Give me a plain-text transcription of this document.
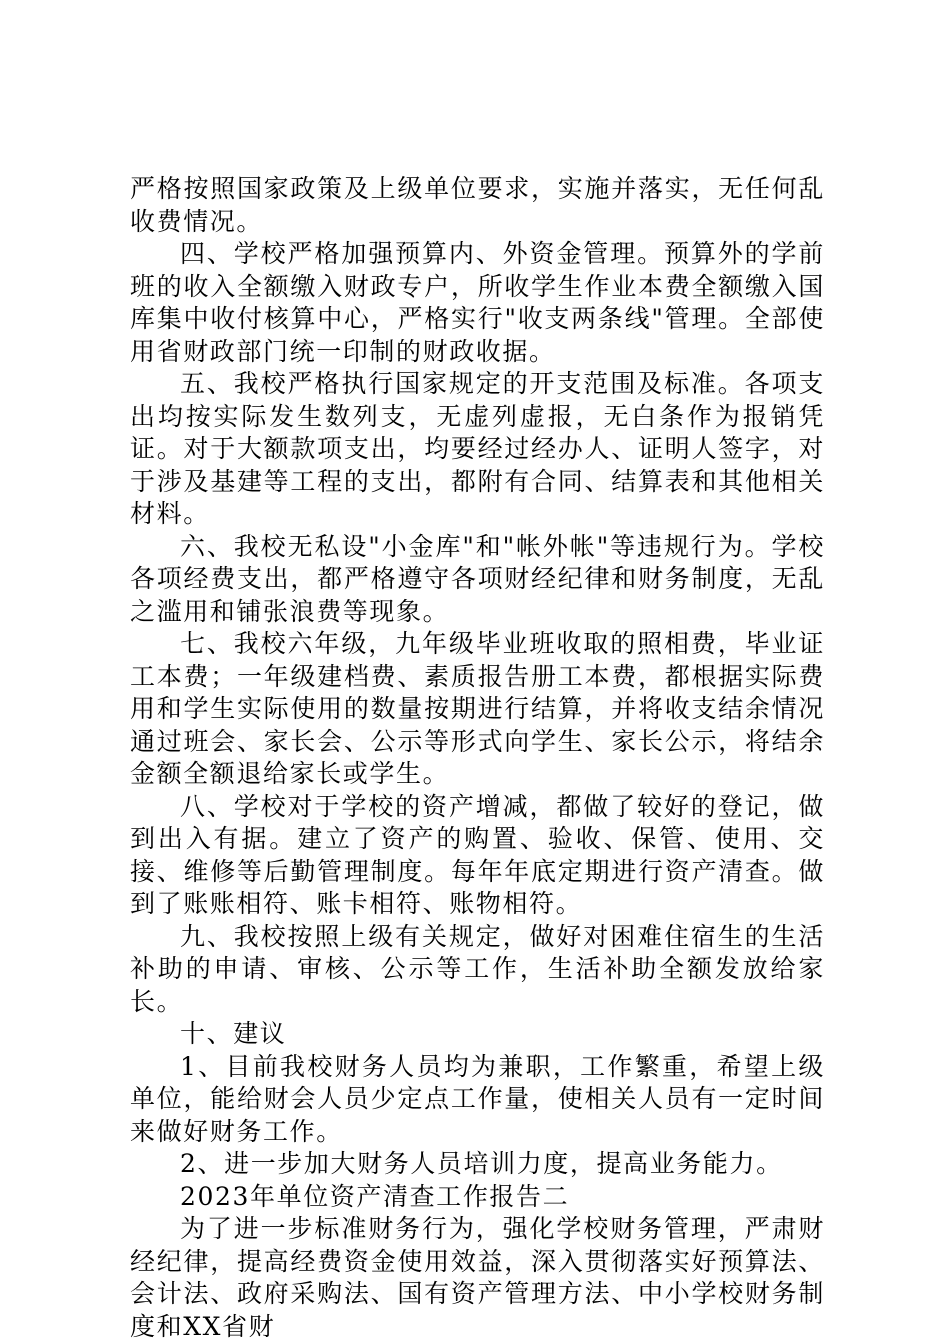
严格按照国家政策及上级单位要求，实施并落实，无任何乱收费情况。

四、学校严格加强预算内、外资金管理。预算外的学前班的收入全额缴入财政专户，所收学生作业本费全额缴入国库集中收付核算中心，严格实行"收支两条线"管理。全部使用省财政部门统一印制的财政收据。

五、我校严格执行国家规定的开支范围及标准。各项支出均按实际发生数列支，无虚列虚报，无白条作为报销凭证。对于大额款项支出，均要经过经办人、证明人签字，对于涉及基建等工程的支出，都附有合同、结算表和其他相关材料。

六、我校无私设"小金库"和"帐外帐"等违规行为。学校各项经费支出，都严格遵守各项财经纪律和财务制度，无乱之滥用和铺张浪费等现象。

七、我校六年级，九年级毕业班收取的照相费，毕业证工本费；一年级建档费、素质报告册工本费，都根据实际费用和学生实际使用的数量按期进行结算，并将收支结余情况通过班会、家长会、公示等形式向学生、家长公示，将结余金额全额退给家长或学生。

八、学校对于学校的资产增减，都做了较好的登记，做到出入有据。建立了资产的购置、验收、保管、使用、交接、维修等后勤管理制度。每年年底定期进行资产清查。做到了账账相符、账卡相符、账物相符。

九、我校按照上级有关规定，做好对困难住宿生的生活补助的申请、审核、公示等工作，生活补助全额发放给家长。

十、建议

1、目前我校财务人员均为兼职，工作繁重，希望上级单位，能给财会人员少定点工作量，使相关人员有一定时间来做好财务工作。

2、进一步加大财务人员培训力度，提高业务能力。

2023年单位资产清查工作报告二

为了进一步标准财务行为，强化学校财务管理，严肃财经纪律，提高经费资金使用效益，深入贯彻落实好预算法、会计法、政府采购法、国有资产管理方法、中小学校财务制度和XX省财
